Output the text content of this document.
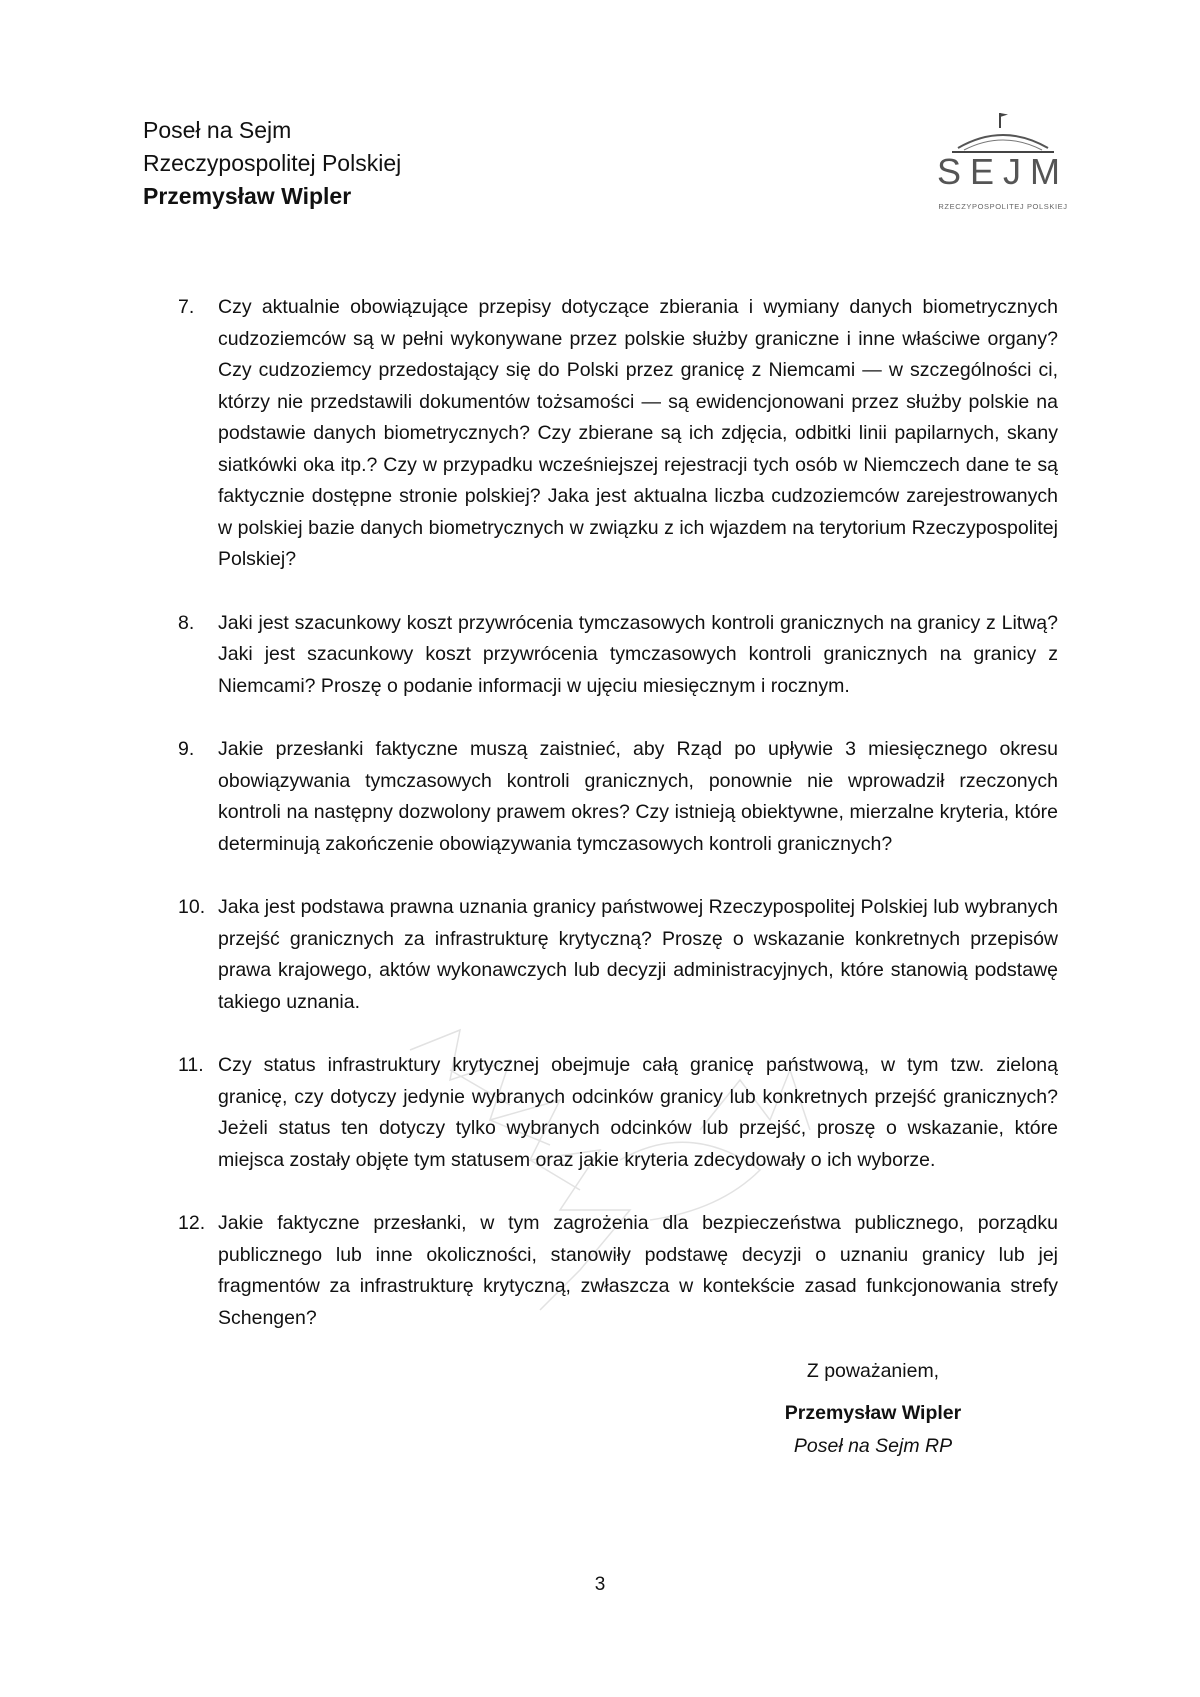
Poseł na Sejm
Rzeczypospolitej Polskiej
Przemysław Wipler
SEJM
RZECZYPOSPOLITEJ POLSKIEJ
7. Czy aktualnie obowiązujące przepisy dotyczące zbierania i wymiany danych biometrycznych cudzoziemców są w pełni wykonywane przez polskie służby graniczne i inne właściwe organy? Czy cudzoziemcy przedostający się do Polski przez granicę z Niemcami — w szczególności ci, którzy nie przedstawili dokumentów tożsamości — są ewidencjonowani przez służby polskie na podstawie danych biometrycznych? Czy zbierane są ich zdjęcia, odbitki linii papilarnych, skany siatkówki oka itp.? Czy w przypadku wcześniejszej rejestracji tych osób w Niemczech dane te są faktycznie dostępne stronie polskiej? Jaka jest aktualna liczba cudzoziemców zarejestrowanych w polskiej bazie danych biometrycznych w związku z ich wjazdem na terytorium Rzeczypospolitej Polskiej?

8. Jaki jest szacunkowy koszt przywrócenia tymczasowych kontroli granicznych na granicy z Litwą? Jaki jest szacunkowy koszt przywrócenia tymczasowych kontroli granicznych na granicy z Niemcami? Proszę o podanie informacji w ujęciu miesięcznym i rocznym.

9. Jakie przesłanki faktyczne muszą zaistnieć, aby Rząd po upływie 3 miesięcznego okresu obowiązywania tymczasowych kontroli granicznych, ponownie nie wprowadził rzeczonych kontroli na następny dozwolony prawem okres? Czy istnieją obiektywne, mierzalne kryteria, które determinują zakończenie obowiązywania tymczasowych kontroli granicznych?

10. Jaka jest podstawa prawna uznania granicy państwowej Rzeczypospolitej Polskiej lub wybranych przejść granicznych za infrastrukturę krytyczną? Proszę o wskazanie konkretnych przepisów prawa krajowego, aktów wykonawczych lub decyzji administracyjnych, które stanowią podstawę takiego uznania.

11. Czy status infrastruktury krytycznej obejmuje całą granicę państwową, w tym tzw. zieloną granicę, czy dotyczy jedynie wybranych odcinków granicy lub konkretnych przejść granicznych? Jeżeli status ten dotyczy tylko wybranych odcinków lub przejść, proszę o wskazanie, które miejsca zostały objęte tym statusem oraz jakie kryteria zdecydowały o ich wyborze.

12. Jakie faktyczne przesłanki, w tym zagrożenia dla bezpieczeństwa publicznego, porządku publicznego lub inne okoliczności, stanowiły podstawę decyzji o uznaniu granicy lub jej fragmentów za infrastrukturę krytyczną, zwłaszcza w kontekście zasad funkcjonowania strefy Schengen?

Z poważaniem,
Przemysław Wipler
Poseł na Sejm RP
3
